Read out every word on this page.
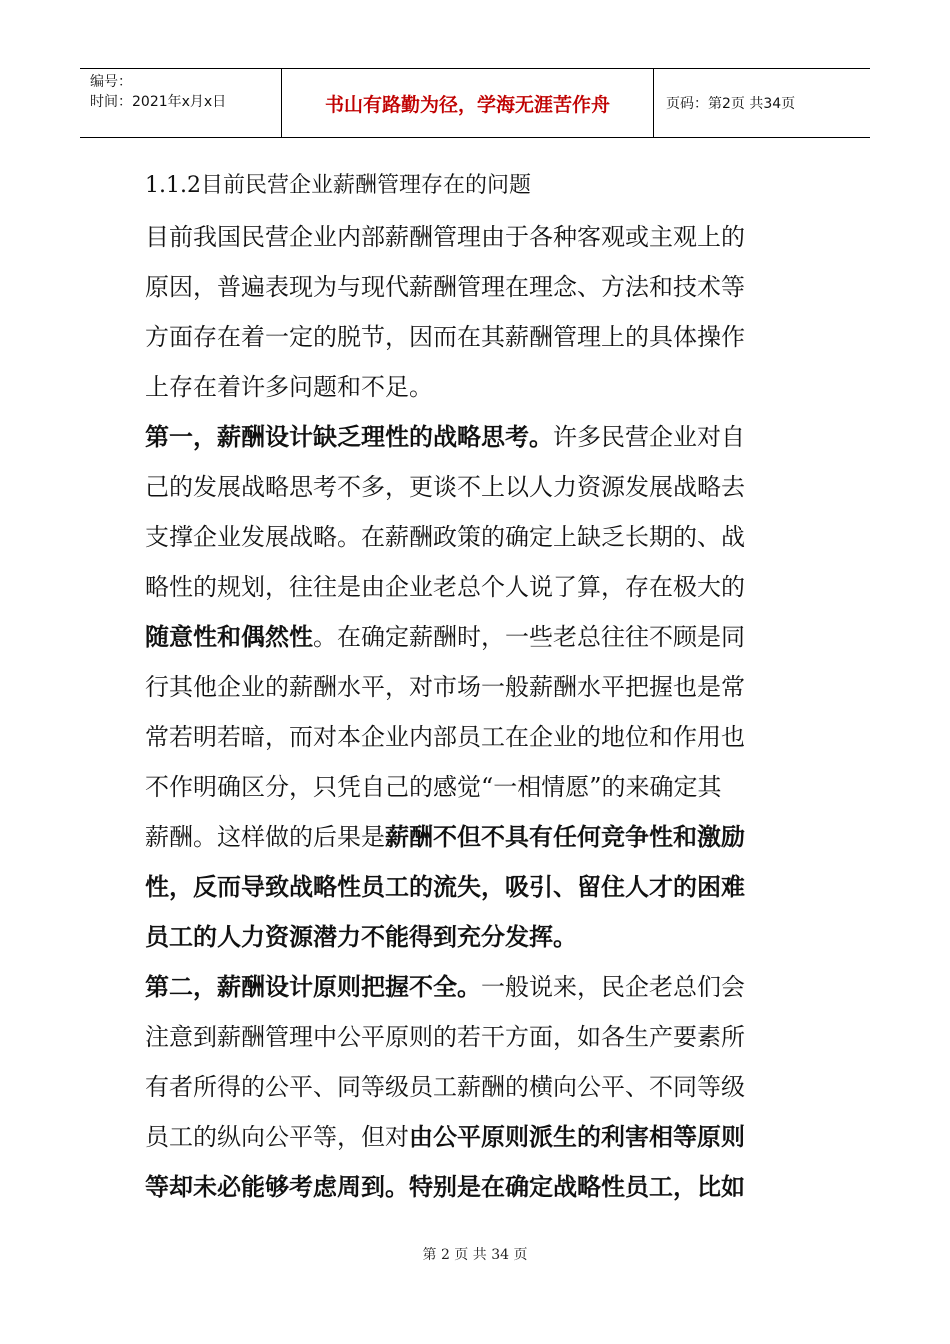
编号：
时间：2021年x月x日	书山有路勤为径，学海无涯苦作舟	页码：第2页 共34页
1.1.2目前民营企业薪酬管理存在的问题
目前我国民营企业内部薪酬管理由于各种客观或主观上的
原因，普遍表现为与现代薪酬管理在理念、方法和技术等
方面存在着一定的脱节，因而在其薪酬管理上的具体操作
上存在着许多问题和不足。
第一，薪酬设计缺乏理性的战略思考。许多民营企业对自
己的发展战略思考不多，更谈不上以人力资源发展战略去
支撑企业发展战略。在薪酬政策的确定上缺乏长期的、战
略性的规划，往往是由企业老总个人说了算，存在极大的
随意性和偶然性。在确定薪酬时，一些老总往往不顾是同
行其他企业的薪酬水平，对市场一般薪酬水平把握也是常
常若明若暗，而对本企业内部员工在企业的地位和作用也
不作明确区分，只凭自己的感觉“一相情愿”的来确定其
薪酬。这样做的后果是薪酬不但不具有任何竞争性和激励
性，反而导致战略性员工的流失，吸引、留住人才的困难
员工的人力资源潜力不能得到充分发挥。
第二，薪酬设计原则把握不全。一般说来，民企老总们会
注意到薪酬管理中公平原则的若干方面，如各生产要素所
有者所得的公平、同等级员工薪酬的横向公平、不同等级
员工的纵向公平等，但对由公平原则派生的利害相等原则
等却未必能够考虑周到。特别是在确定战略性员工，比如
第 2 页 共 34 页
